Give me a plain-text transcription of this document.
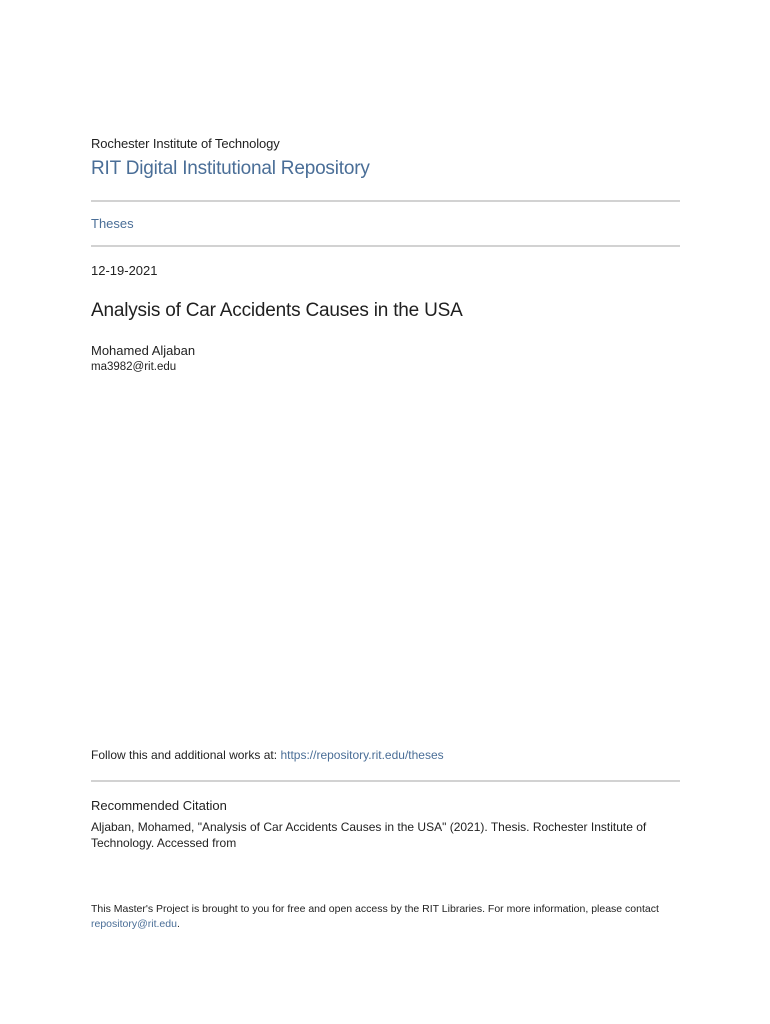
Rochester Institute of Technology
RIT Digital Institutional Repository
Theses
12-19-2021
Analysis of Car Accidents Causes in the USA
Mohamed Aljaban
ma3982@rit.edu
Follow this and additional works at: https://repository.rit.edu/theses
Recommended Citation
Aljaban, Mohamed, "Analysis of Car Accidents Causes in the USA" (2021). Thesis. Rochester Institute of Technology. Accessed from
This Master's Project is brought to you for free and open access by the RIT Libraries. For more information, please contact repository@rit.edu.
